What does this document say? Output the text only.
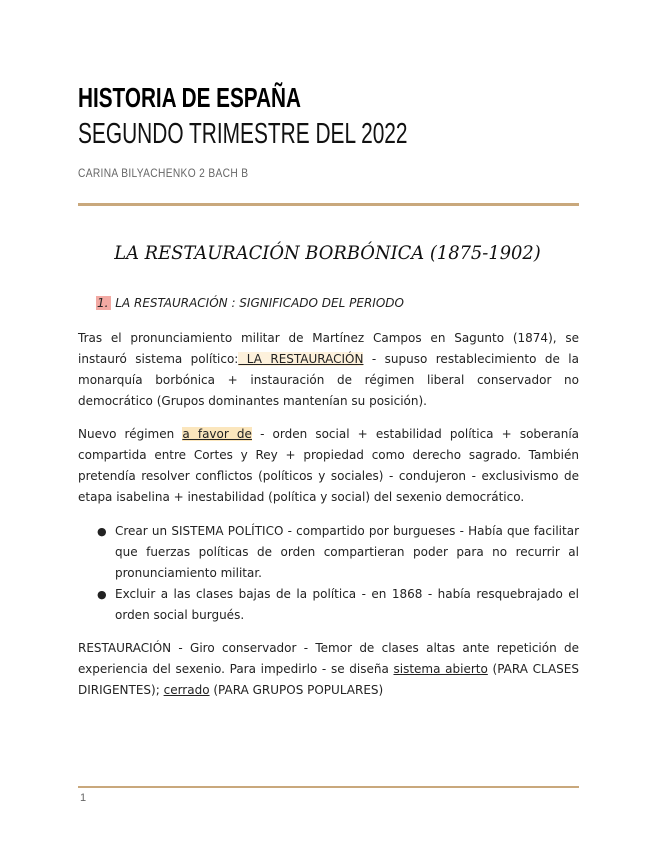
HISTORIA DE ESPAÑA
SEGUNDO TRIMESTRE DEL 2022
CARINA BILYACHENKO 2 BACH B
LA RESTAURACIÓN BORBÓNICA (1875-1902)
1. LA RESTAURACIÓN : SIGNIFICADO DEL PERIODO

Tras el pronunciamiento militar de Martínez Campos en Sagunto (1874), se instauró sistema político: LA RESTAURACIÓN - supuso restablecimiento de la monarquía borbónica + instauración de régimen liberal conservador no democrático (Grupos dominantes mantenían su posición).

Nuevo régimen a favor de - orden social + estabilidad política + soberanía compartida entre Cortes y Rey + propiedad como derecho sagrado. También pretendía resolver conflictos (políticos y sociales) - condujeron - exclusivismo de etapa isabelina + inestabilidad (política y social) del sexenio democrático.

● Crear un SISTEMA POLÍTICO - compartido por burgueses - Había que facilitar que fuerzas políticas de orden compartieran poder para no recurrir al pronunciamiento militar.
● Excluir a las clases bajas de la política - en 1868 - había resquebrajado el orden social burgués.

RESTAURACIÓN - Giro conservador - Temor de clases altas ante repetición de experiencia del sexenio. Para impedirlo - se diseña sistema abierto (PARA CLASES DIRIGENTES); cerrado (PARA GRUPOS POPULARES)

1
